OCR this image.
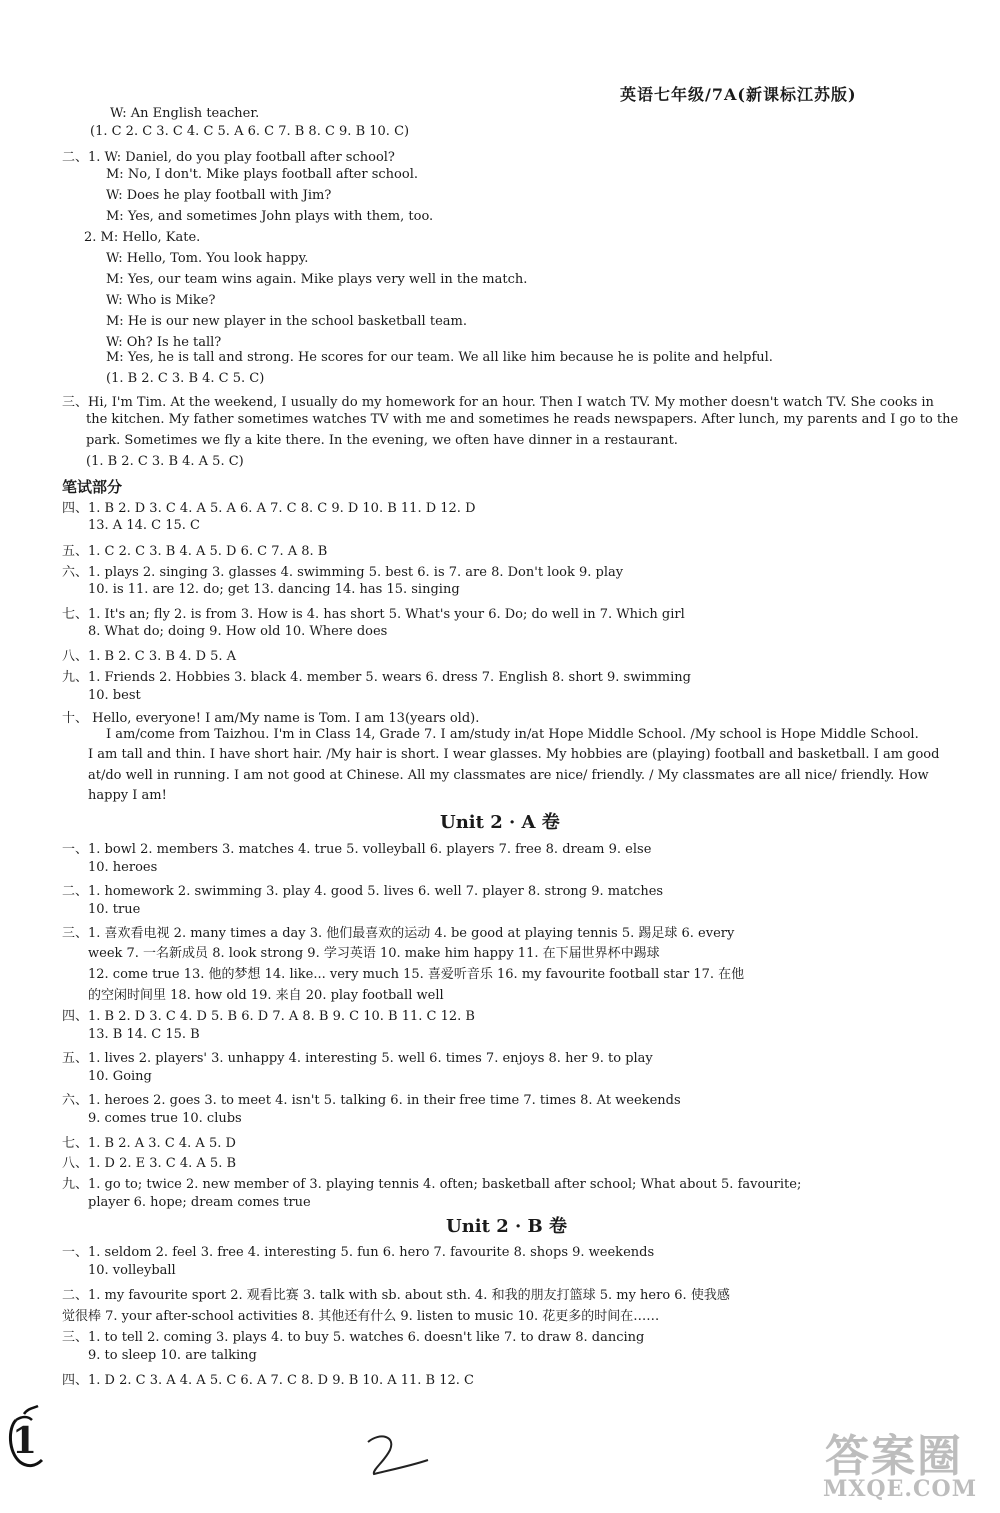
英语七年级/7A(新课标江苏版)
W: An English teacher.
(1. C 2. C 3. C 4. C 5. A 6. C 7. B 8. C 9. B 10. C)
二、1. W: Daniel, do you play football after school?
M: No, I don't. Mike plays football after school.
W: Does he play football with Jim?
M: Yes, and sometimes John plays with them, too.
2. M: Hello, Kate.
W: Hello, Tom. You look happy.
M: Yes, our team wins again. Mike plays very well in the match.
W: Who is Mike?
M: He is our new player in the school basketball team.
W: Oh? Is he tall?
M: Yes, he is tall and strong. He scores for our team. We all like him because he is polite and helpful.
(1. B 2. C 3. B 4. C 5. C)
三、Hi, I'm Tim. At the weekend, I usually do my homework for an hour. Then I watch TV. My mother doesn't watch TV. She cooks in
the kitchen. My father sometimes watches TV with me and sometimes he reads newspapers. After lunch, my parents and I go to the
park. Sometimes we fly a kite there. In the evening, we often have dinner in a restaurant.
(1. B 2. C 3. B 4. A 5. C)
笔试部分
四、1. B 2. D 3. C 4. A 5. A 6. A 7. C 8. C 9. D 10. B 11. D 12. D
13. A 14. C 15. C
五、1. C 2. C 3. B 4. A 5. D 6. C 7. A 8. B
六、1. plays 2. singing 3. glasses 4. swimming 5. best 6. is 7. are 8. Don't look 9. play
10. is 11. are 12. do; get 13. dancing 14. has 15. singing
七、1. It's an; fly 2. is from 3. How is 4. has short 5. What's your 6. Do; do well in 7. Which girl
8. What do; doing 9. How old 10. Where does
八、1. B 2. C 3. B 4. D 5. A
九、1. Friends 2. Hobbies 3. black 4. member 5. wears 6. dress 7. English 8. short 9. swimming
10. best
十、 Hello, everyone! I am/My name is Tom. I am 13(years old).
I am/come from Taizhou. I'm in Class 14, Grade 7. I am/study in/at Hope Middle School. /My school is Hope Middle School.
I am tall and thin. I have short hair. /My hair is short. I wear glasses. My hobbies are (playing) football and basketball. I am good
at/do well in running. I am not good at Chinese. All my classmates are nice/ friendly. / My classmates are all nice/ friendly. How
happy I am!
Unit 2 · A 卷
一、1. bowl 2. members 3. matches 4. true 5. volleyball 6. players 7. free 8. dream 9. else
10. heroes
二、1. homework 2. swimming 3. play 4. good 5. lives 6. well 7. player 8. strong 9. matches
10. true
三、1. 喜欢看电视 2. many times a day 3. 他们最喜欢的运动 4. be good at playing tennis 5. 踢足球 6. every
week 7. 一名新成员 8. look strong 9. 学习英语 10. make him happy 11. 在下届世界杯中踢球
12. come true 13. 他的梦想 14. like... very much 15. 喜爱听音乐 16. my favourite football star 17. 在他
的空闲时间里 18. how old 19. 来自 20. play football well
四、1. B 2. D 3. C 4. D 5. B 6. D 7. A 8. B 9. C 10. B 11. C 12. B
13. B 14. C 15. B
五、1. lives 2. players' 3. unhappy 4. interesting 5. well 6. times 7. enjoys 8. her 9. to play
10. Going
六、1. heroes 2. goes 3. to meet 4. isn't 5. talking 6. in their free time 7. times 8. At weekends
9. comes true 10. clubs
七、1. B 2. A 3. C 4. A 5. D
八、1. D 2. E 3. C 4. A 5. B
九、1. go to; twice 2. new member of 3. playing tennis 4. often; basketball after school; What about 5. favourite;
player 6. hope; dream comes true
Unit 2 · B 卷
一、1. seldom 2. feel 3. free 4. interesting 5. fun 6. hero 7. favourite 8. shops 9. weekends
10. volleyball
二、1. my favourite sport 2. 观看比赛 3. talk with sb. about sth. 4. 和我的朋友打篮球 5. my hero 6. 使我感
觉很棒 7. your after-school activities 8. 其他还有什么 9. listen to music 10. 花更多的时间在……
三、1. to tell 2. coming 3. plays 4. to buy 5. watches 6. doesn't like 7. to draw 8. dancing
9. to sleep 10. are talking
四、1. D 2. C 3. A 4. A 5. C 6. A 7. C 8. D 9. B 10. A 11. B 12. C
1	答案圈
MXQE.COM
